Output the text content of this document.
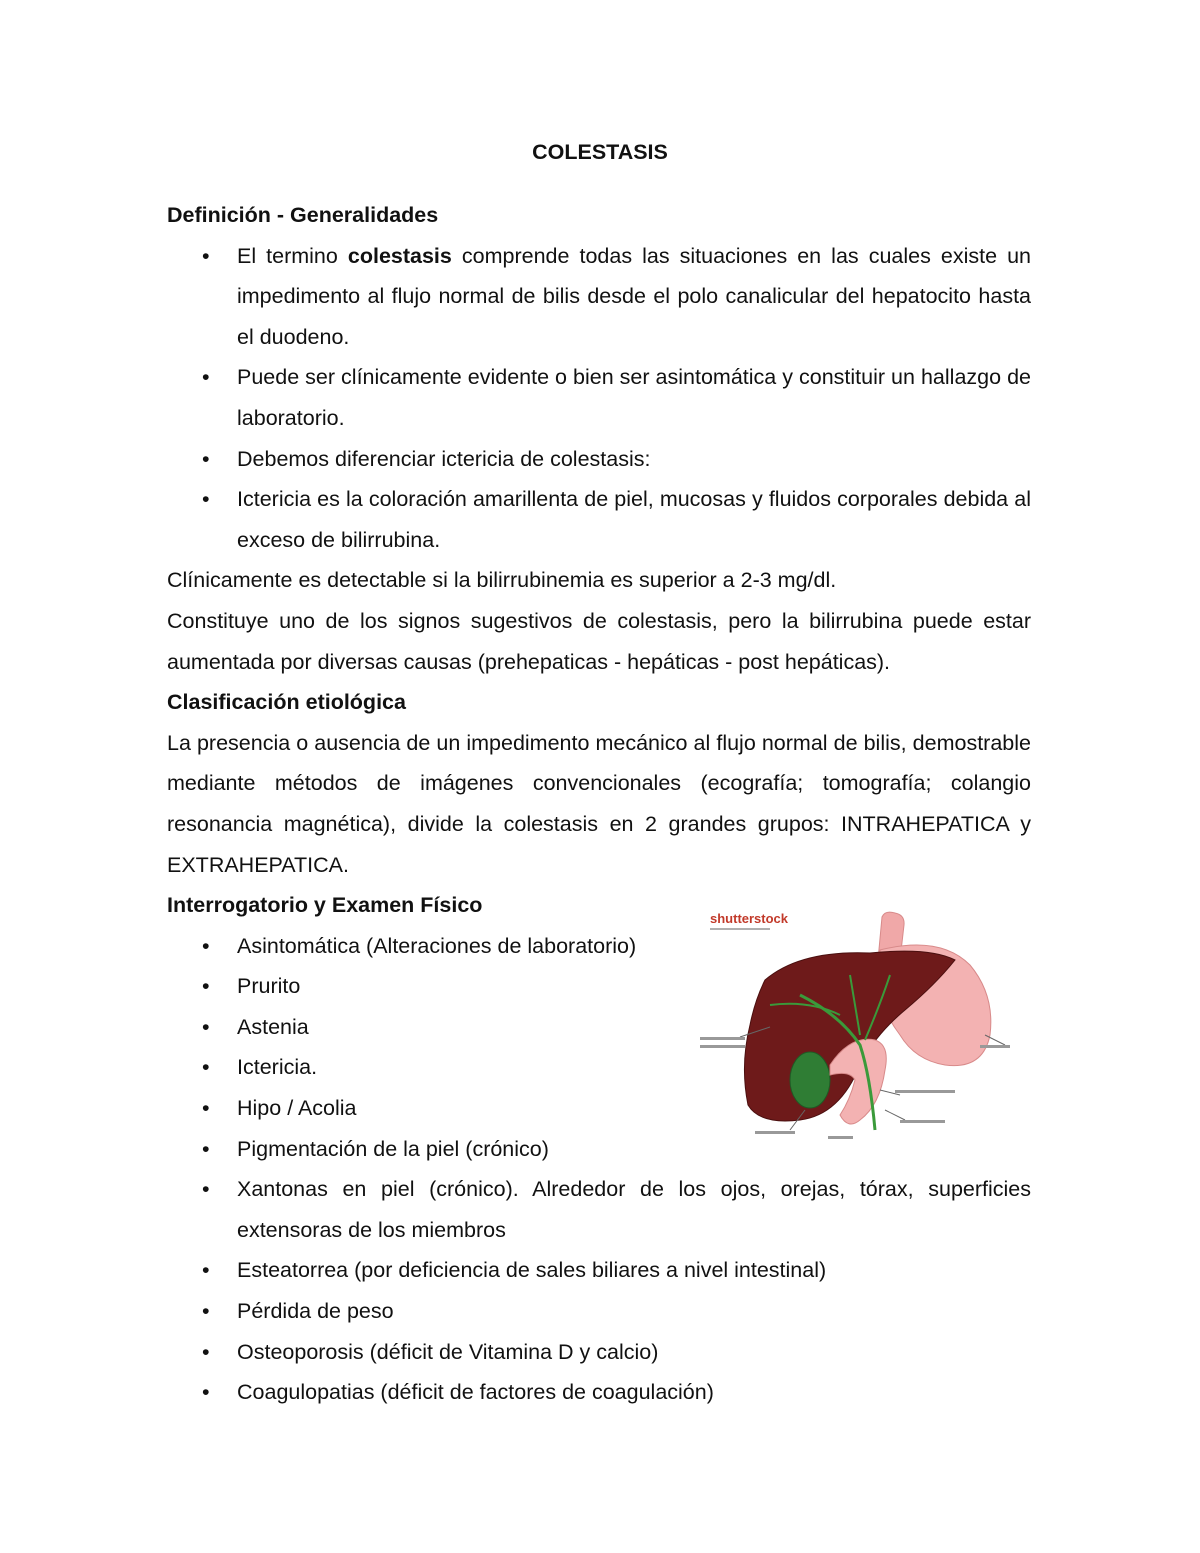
COLESTASIS

Definición - Generalidades

• El termino colestasis comprende todas las situaciones en las cuales existe un impedimento al flujo normal de bilis desde el polo canalicular del hepatocito hasta el duodeno.
• Puede ser clínicamente evidente o bien ser asintomática y constituir un hallazgo de laboratorio.
• Debemos diferenciar ictericia de colestasis:
• Ictericia es la coloración amarillenta de piel, mucosas y fluidos corporales debida al exceso de bilirrubina.

Clínicamente es detectable si la bilirrubinemia es superior a 2-3 mg/dl.

Constituye uno de los signos sugestivos de colestasis, pero la bilirrubina puede estar aumentada por diversas causas (prehepaticas - hepáticas - post hepáticas).

Clasificación etiológica

La presencia o ausencia de un impedimento mecánico al flujo normal de bilis, demostrable mediante métodos de imágenes convencionales (ecografía; tomografía; colangio resonancia magnética), divide la colestasis en 2 grandes grupos: INTRAHEPATICA y EXTRAHEPATICA.

Interrogatorio y Examen Físico

• Asintomática (Alteraciones de laboratorio)
• Prurito
• Astenia
• Ictericia.
• Hipo / Acolia
• Pigmentación de la piel (crónico)
• Xantonas en piel (crónico). Alrededor de los ojos, orejas, tórax, superficies extensoras de los miembros
• Esteatorrea (por deficiencia de sales biliares a nivel intestinal)
• Pérdida de peso
• Osteoporosis (déficit de Vitamina D y calcio)
• Coagulopatias (déficit de factores de coagulación)
shutterstock
